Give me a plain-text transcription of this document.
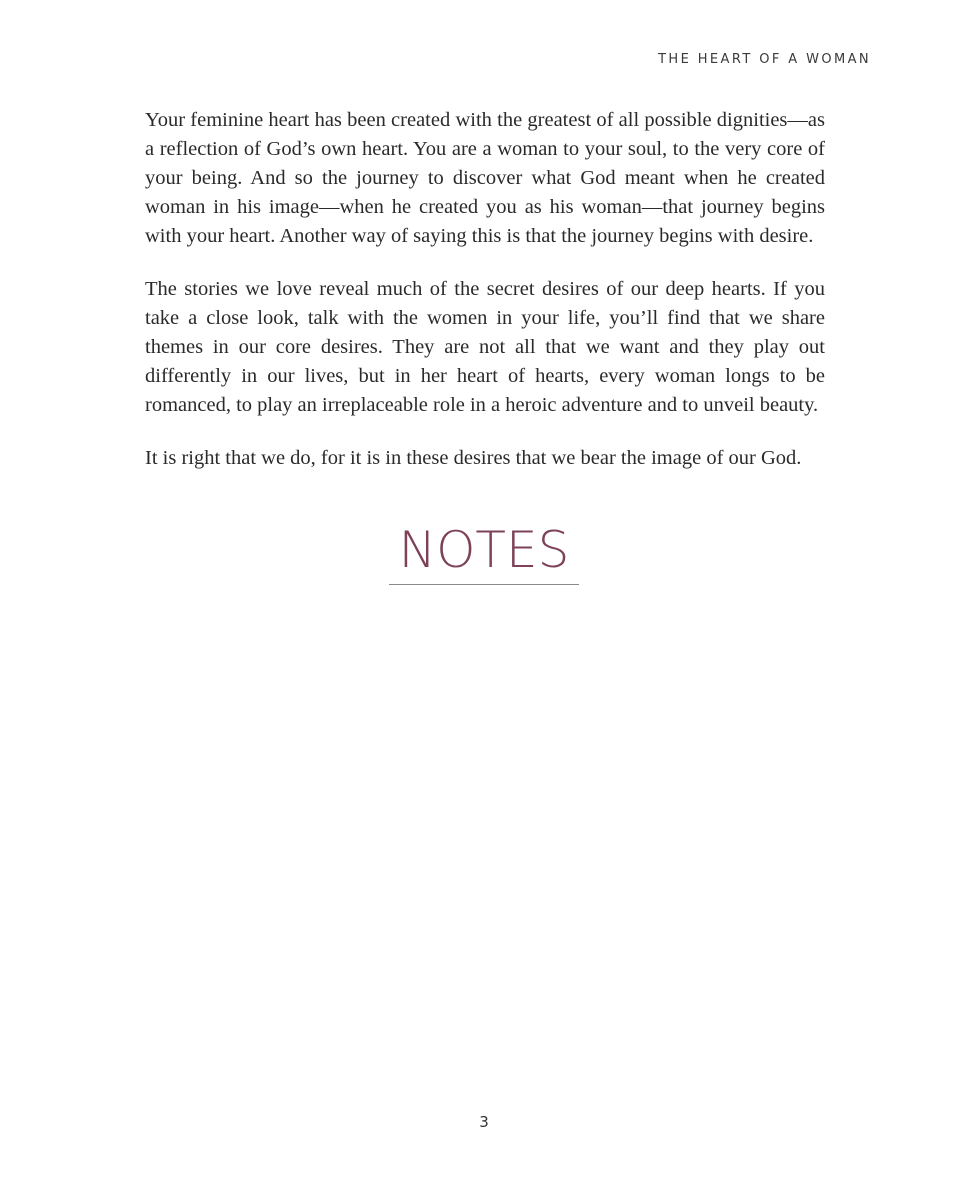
THE HEART OF A WOMAN

Your feminine heart has been created with the greatest of all possible dignities—as a reflection of God’s own heart. You are a woman to your soul, to the very core of your being. And so the journey to discover what God meant when he created woman in his image—when he created you as his woman—that journey begins with your heart. Another way of saying this is that the journey begins with desire.

The stories we love reveal much of the secret desires of our deep hearts. If you take a close look, talk with the women in your life, you’ll find that we share themes in our core desires. They are not all that we want and they play out differently in our lives, but in her heart of hearts, every woman longs to be romanced, to play an irreplaceable role in a heroic adventure and to unveil beauty.

It is right that we do, for it is in these desires that we bear the image of our God.

NOTES
3
